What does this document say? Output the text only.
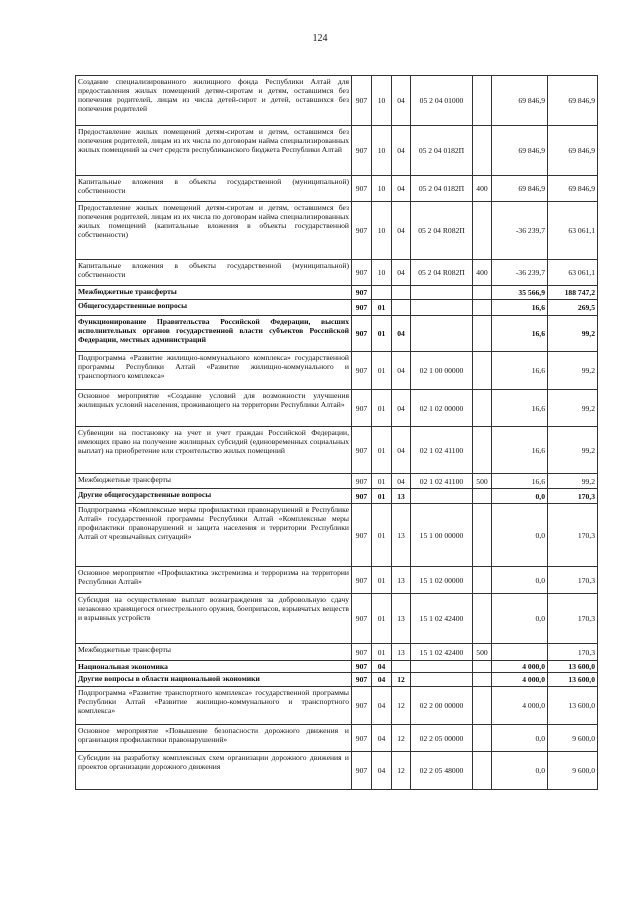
124
Создание специализированного жилищного фонда Республики Алтай для предоставления жилых помещений детям-сиротам и детям, оставшимся без попечения родителей, лицам из числа детей-сирот и детей, оставшихся без попечения родителей	907	10	04	05 2 04 01000		69 846,9	69 846,9
Предоставление жилых помещений детям-сиротам и детям, оставшимся без попечения родителей, лицам из их числа по договорам найма специализированных жилых помещений за счет средств республиканского бюджета Республики Алтай	907	10	04	05 2 04 0182П		69 846,9	69 846,9
Капитальные вложения в объекты государственной (муниципальной) собственности	907	10	04	05 2 04 0182П	400	69 846,9	69 846,9
Предоставление жилых помещений детям-сиротам и детям, оставшимся без попечения родителей, лицам из их числа по договорам найма специализированных жилых помещений (капитальные вложения в объекты государственной собственности)	907	10	04	05 2 04 R082П		-36 239,7	63 061,1
Капитальные вложения в объекты государственной (муниципальной) собственности	907	10	04	05 2 04 R082П	400	-36 239,7	63 061,1
Межбюджетные трансферты	907					35 566,9	188 747,2
Общегосударственные вопросы	907	01				16,6	269,5
Функционирование Правительства Российской Федерации, высших исполнительных органов государственной власти субъектов Российской Федерации, местных администраций	907	01	04			16,6	99,2
Подпрограмма «Развитие жилищно-коммунального комплекса» государственной программы Республики Алтай «Развитие жилищно-коммунального и транспортного комплекса»	907	01	04	02 1 00 00000		16,6	99,2
Основное мероприятие «Создание условий для возможности улучшения жилищных условий населения, проживающего на территории Республики Алтай»	907	01	04	02 1 02 00000		16,6	99,2
Субвенции на постановку на учет и учет граждан Российской Федерации, имеющих право на получение жилищных субсидий (единовременных социальных выплат) на приобретение или строительство жилых помещений	907	01	04	02 1 02 41100		16,6	99,2
Межбюджетные трансферты	907	01	04	02 1 02 41100	500	16,6	99,2
Другие общегосударственные вопросы	907	01	13			0,0	170,3
Подпрограмма «Комплексные меры профилактики правонарушений в Республике Алтай» государственной программы Республики Алтай «Комплексные меры профилактики правонарушений и защита населения и территории Республики Алтай от чрезвычайных ситуаций»	907	01	13	15 1 00 00000		0,0	170,3
Основное мероприятие «Профилактика экстремизма и терроризма на территории Республики Алтай»	907	01	13	15 1 02 00000		0,0	170,3
Субсидия на осуществление выплат вознаграждения за добровольную сдачу незаконно хранящегося огнестрельного оружия, боеприпасов, взрывчатых веществ и взрывных устройств	907	01	13	15 1 02 42400		0,0	170,3
Межбюджетные трансферты	907	01	13	15 1 02 42400	500		170,3
Национальная экономика	907	04				4 000,0	13 600,0
Другие вопросы в области национальной экономики	907	04	12			4 000,0	13 600,0
Подпрограмма «Развитие транспортного комплекса» государственной программы Республики Алтай «Развитие жилищно-коммунального и транспортного комплекса»	907	04	12	02 2 00 00000		4 000,0	13 600,0
Основное мероприятие «Повышение безопасности дорожного движения и организация профилактики правонарушений»	907	04	12	02 2 05 00000		0,0	9 600,0
Субсидии на разработку комплексных схем организации дорожного движения и проектов организации дорожного движения	907	04	12	02 2 05 48000		0,0	9 600,0
